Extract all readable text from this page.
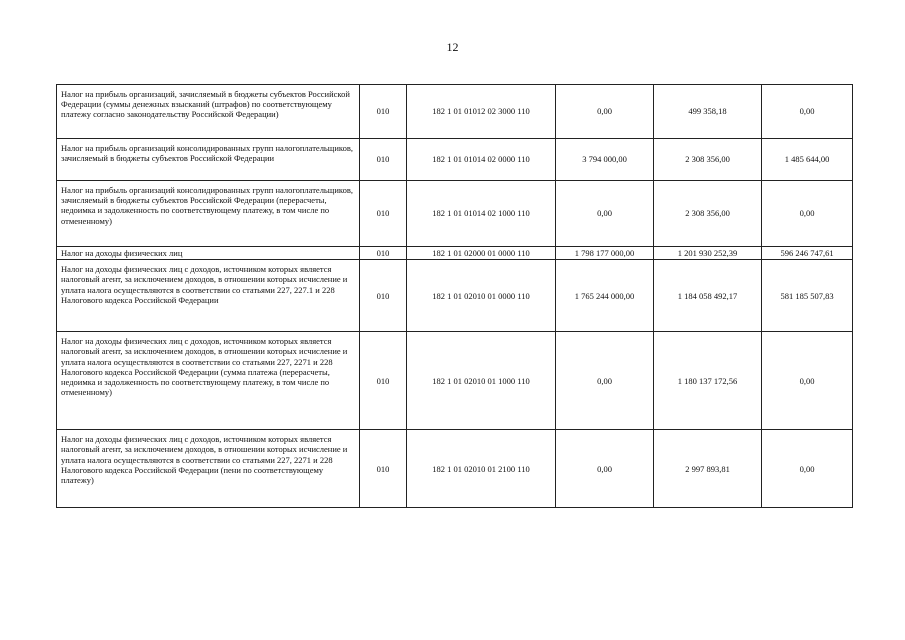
12
Налог на прибыль организаций, зачисляемый в бюджеты субъектов Российской Федерации (суммы денежных взысканий (штрафов) по соответствующему платежу согласно законодательству Российской Федерации)	010	182 1 01 01012 02 3000 110	0,00	499 358,18	0,00
Налог на прибыль организаций консолидированных групп налогоплательщиков, зачисляемый в бюджеты субъектов Российской Федерации	010	182 1 01 01014 02 0000 110	3 794 000,00	2 308 356,00	1 485 644,00
Налог на прибыль организаций консолидированных групп налогоплательщиков, зачисляемый в бюджеты субъектов Российской Федерации (перерасчеты, недоимка и задолженность по соответствующему платежу, в том числе по отмененному)	010	182 1 01 01014 02 1000 110	0,00	2 308 356,00	0,00
Налог на доходы физических лиц	010	182 1 01 02000 01 0000 110	1 798 177 000,00	1 201 930 252,39	596 246 747,61
Налог на доходы физических лиц с доходов, источником которых является налоговый агент, за исключением доходов, в отношении которых исчисление и уплата налога осуществляются в соответствии со статьями 227, 227.1 и 228 Налогового кодекса Российской Федерации	010	182 1 01 02010 01 0000 110	1 765 244 000,00	1 184 058 492,17	581 185 507,83
Налог на доходы физических лиц с доходов, источником которых является налоговый агент, за исключением доходов, в отношении которых исчисление и уплата налога осуществляются в соответствии со статьями 227, 2271 и 228 Налогового кодекса Российской Федерации (сумма платежа (перерасчеты, недоимка и задолженность по соответствующему платежу, в том числе по отмененному)	010	182 1 01 02010 01 1000 110	0,00	1 180 137 172,56	0,00
Налог на доходы физических лиц с доходов, источником которых является налоговый агент, за исключением доходов, в отношении которых исчисление и уплата налога осуществляются в соответствии со статьями 227, 2271 и 228 Налогового кодекса Российской Федерации (пени по соответствующему платежу)	010	182 1 01 02010 01 2100 110	0,00	2 997 893,81	0,00
